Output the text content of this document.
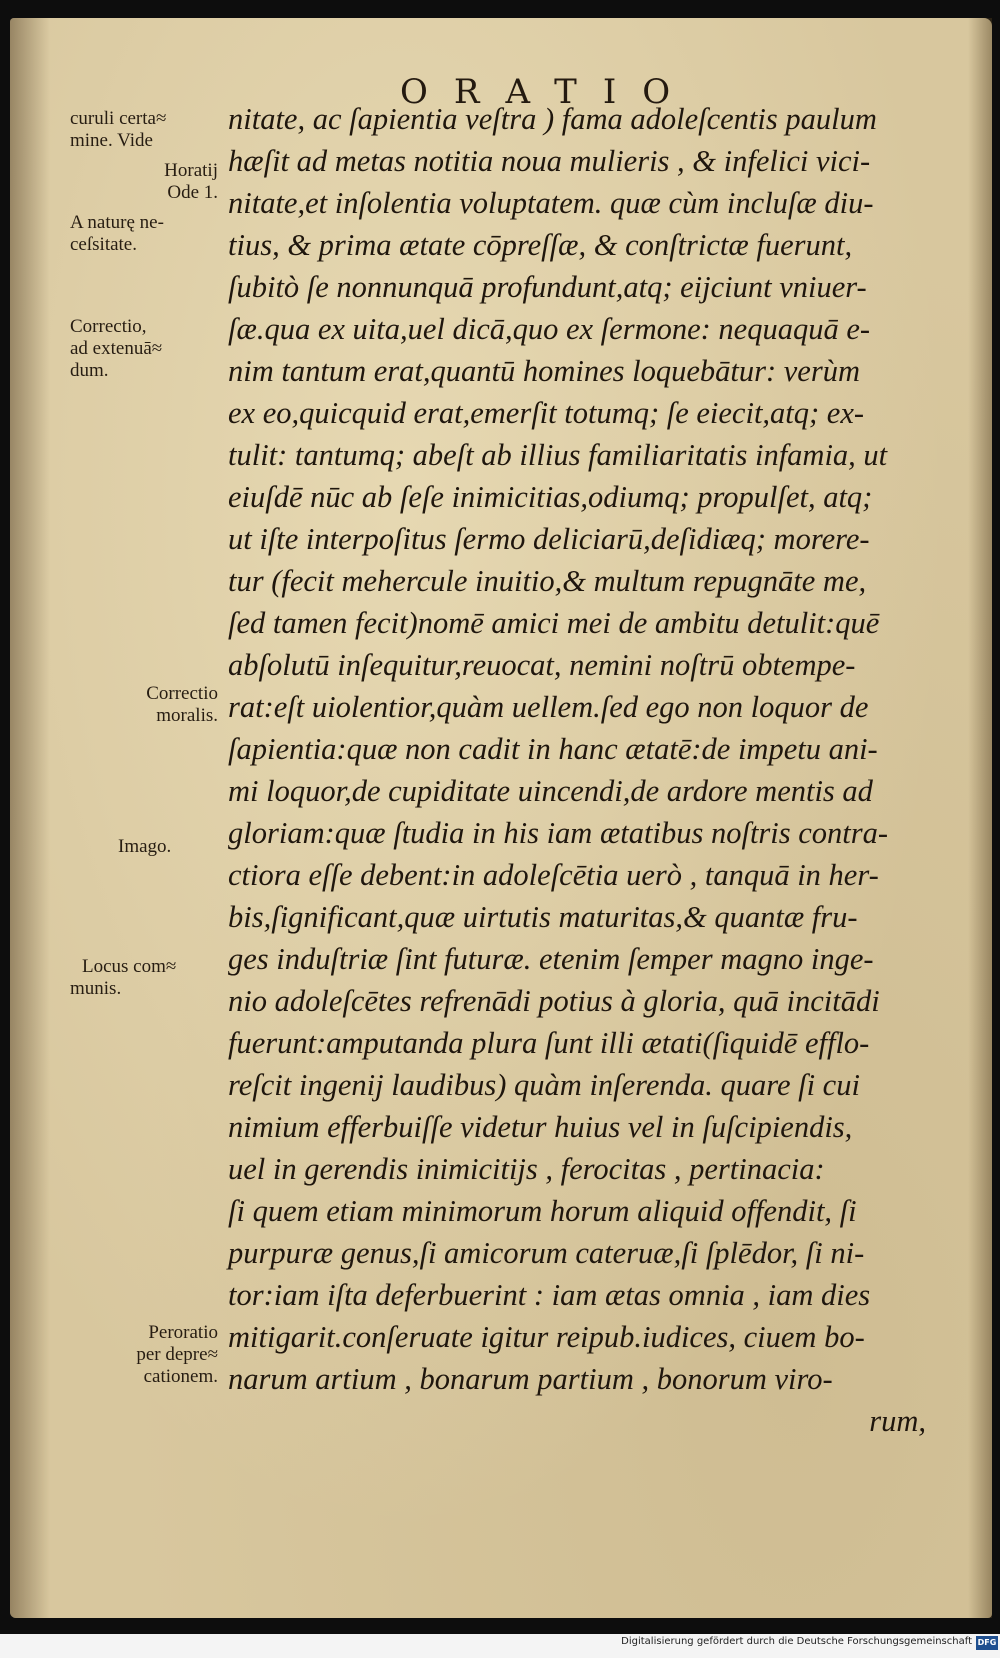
ORATIO
nitate, ac ſapientia veſtra ) fama adoleſcentis paulum
hæſit ad metas notitia noua mulieris , & infelici vici-
nitate,et inſolentia voluptatem. quæ cùm incluſæ diu-
tius, & prima ætate cōpreſſæ, & conſtrictæ fuerunt,
ſubitò ſe nonnunquā profundunt,atq; eijciunt vniuer-
ſæ.qua ex uita,uel dicā,quo ex ſermone: nequaquā e-
nim tantum erat,quantū homines loquebātur: verùm
ex eo,quicquid erat,emerſit totumq; ſe eiecit,atq; ex-
tulit: tantumq; abeſt ab illius familiaritatis infamia, ut
eiuſdē nūc ab ſeſe inimicitias,odiumq; propulſet, atq;
ut iſte interpoſitus ſermo deliciarū,deſidiæq; morere-
tur (fecit mehercule inuitio,& multum repugnāte me,
ſed tamen fecit)nomē amici mei de ambitu detulit:quē
abſolutū inſequitur,reuocat, nemini noſtrū obtempe-
rat:eſt uiolentior,quàm uellem.ſed ego non loquor de
ſapientia:quæ non cadit in hanc ætatē:de impetu ani-
mi loquor,de cupiditate uincendi,de ardore mentis ad
gloriam:quæ ſtudia in his iam ætatibus noſtris contra-
ctiora eſſe debent:in adoleſcētia uerò , tanquā in her-
bis,ſignificant,quæ uirtutis maturitas,& quantæ fru-
ges induſtriæ ſint futuræ. etenim ſemper magno inge-
nio adoleſcētes refrenādi potius à gloria, quā incitādi
fuerunt:amputanda plura ſunt illi ætati(ſiquidē efflo-
reſcit ingenij laudibus) quàm inſerenda. quare ſi cui
nimium efferbuiſſe videtur huius vel in ſuſcipiendis,
uel in gerendis inimicitijs , ferocitas , pertinacia:
ſi quem etiam minimorum horum aliquid offendit, ſi
purpuræ genus,ſi amicorum cateruæ,ſi ſplēdor, ſi ni-
tor:iam iſta deferbuerint : iam ætas omnia , iam dies
mitigarit.conſeruate igitur reipub.iudices, ciuem bo-
narum artium , bonarum partium , bonorum viro-
rum,
curuli certa≈
mine. Vide
Horatij
Ode 1.
A naturę ne-
ceſsitate.
Correctio,
ad extenuā≈
dum.
Correctio
moralis.
Imago.
Locus com≈
munis.
Peroratio
per depre≈
cationem.
Digitalisierung gefördert durch die Deutsche Forschungsgemeinschaft DFG
